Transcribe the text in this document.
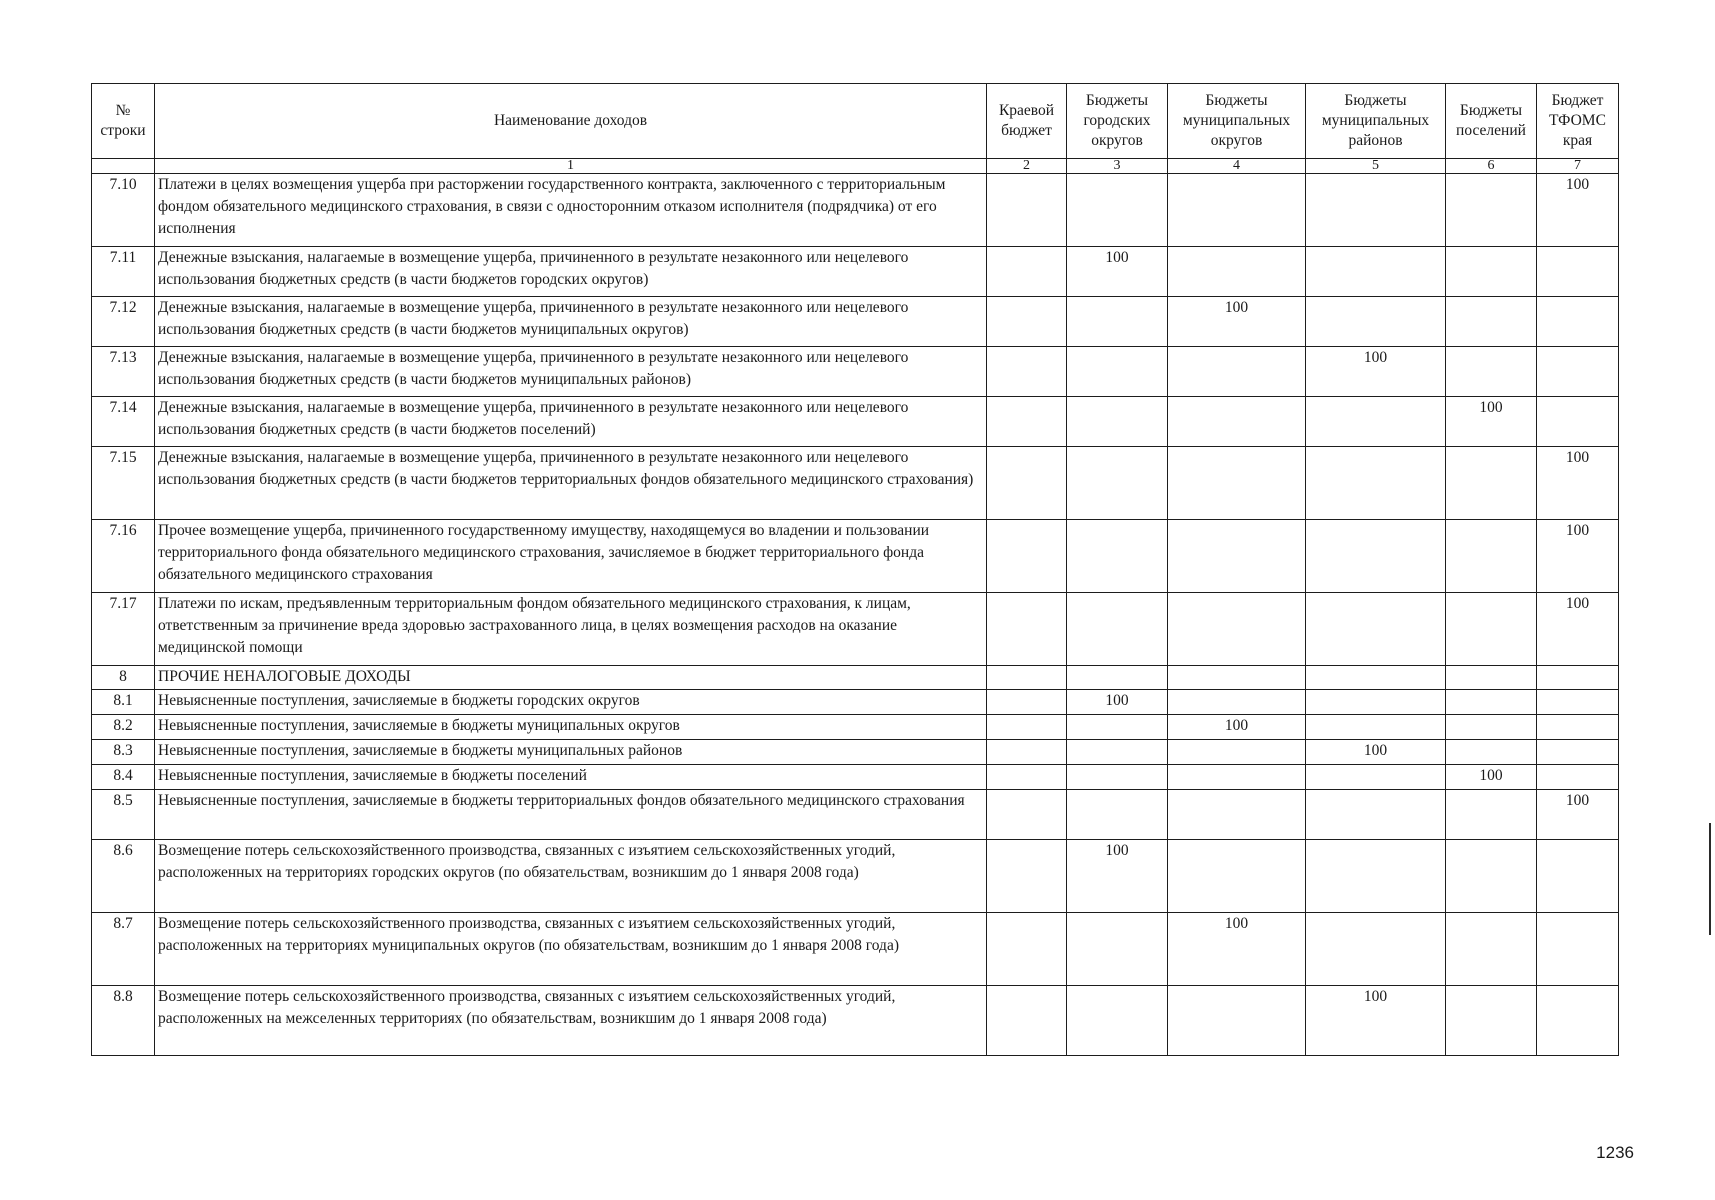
№ строки	Наименование доходов	Краевой бюджет	Бюджеты городских округов	Бюджеты муниципальных округов	Бюджеты муниципальных районов	Бюджеты поселений	Бюджет ТФОМС края
	1	2	3	4	5	6	7
7.10	Платежи в целях возмещения ущерба при расторжении государственного контракта, заключенного с территориальным фондом обязательного медицинского страхования, в связи с односторонним отказом исполнителя (подрядчика) от его исполнения						100
7.11	Денежные взыскания, налагаемые в возмещение ущерба, причиненного в результате незаконного или нецелевого использования бюджетных средств (в части бюджетов городских округов)		100				
7.12	Денежные взыскания, налагаемые в возмещение ущерба, причиненного в результате незаконного или нецелевого использования бюджетных средств (в части бюджетов муниципальных округов)			100			
7.13	Денежные взыскания, налагаемые в возмещение ущерба, причиненного в результате незаконного или нецелевого использования бюджетных средств (в части бюджетов муниципальных районов)				100		
7.14	Денежные взыскания, налагаемые в возмещение ущерба, причиненного в результате незаконного или нецелевого использования бюджетных средств (в части бюджетов поселений)					100	
7.15	Денежные взыскания, налагаемые в возмещение ущерба, причиненного в результате незаконного или нецелевого использования бюджетных средств (в части бюджетов территориальных фондов обязательного медицинского страхования)						100
7.16	Прочее возмещение ущерба, причиненного государственному имуществу, находящемуся во владении и пользовании территориального фонда обязательного медицинского страхования, зачисляемое в бюджет территориального фонда обязательного медицинского страхования						100
7.17	Платежи по искам, предъявленным территориальным фондом обязательного медицинского страхования, к лицам, ответственным за причинение вреда здоровью застрахованного лица, в целях возмещения расходов на оказание медицинской помощи						100
8	ПРОЧИЕ НЕНАЛОГОВЫЕ ДОХОДЫ						
8.1	Невыясненные поступления, зачисляемые в бюджеты городских округов		100				
8.2	Невыясненные поступления, зачисляемые в бюджеты муниципальных округов			100			
8.3	Невыясненные поступления, зачисляемые в бюджеты муниципальных районов				100		
8.4	Невыясненные поступления, зачисляемые в бюджеты поселений					100	
8.5	Невыясненные поступления, зачисляемые в бюджеты территориальных фондов обязательного медицинского страхования						100
8.6	Возмещение потерь сельскохозяйственного производства, связанных с изъятием сельскохозяйственных угодий, расположенных на территориях городских округов (по обязательствам, возникшим до 1 января 2008 года)		100				
8.7	Возмещение потерь сельскохозяйственного производства, связанных с изъятием сельскохозяйственных угодий, расположенных на территориях муниципальных округов (по обязательствам, возникшим до 1 января 2008 года)			100			
8.8	Возмещение потерь сельскохозяйственного производства, связанных с изъятием сельскохозяйственных угодий, расположенных на межселенных территориях (по обязательствам, возникшим до 1 января 2008 года)				100		
1236
